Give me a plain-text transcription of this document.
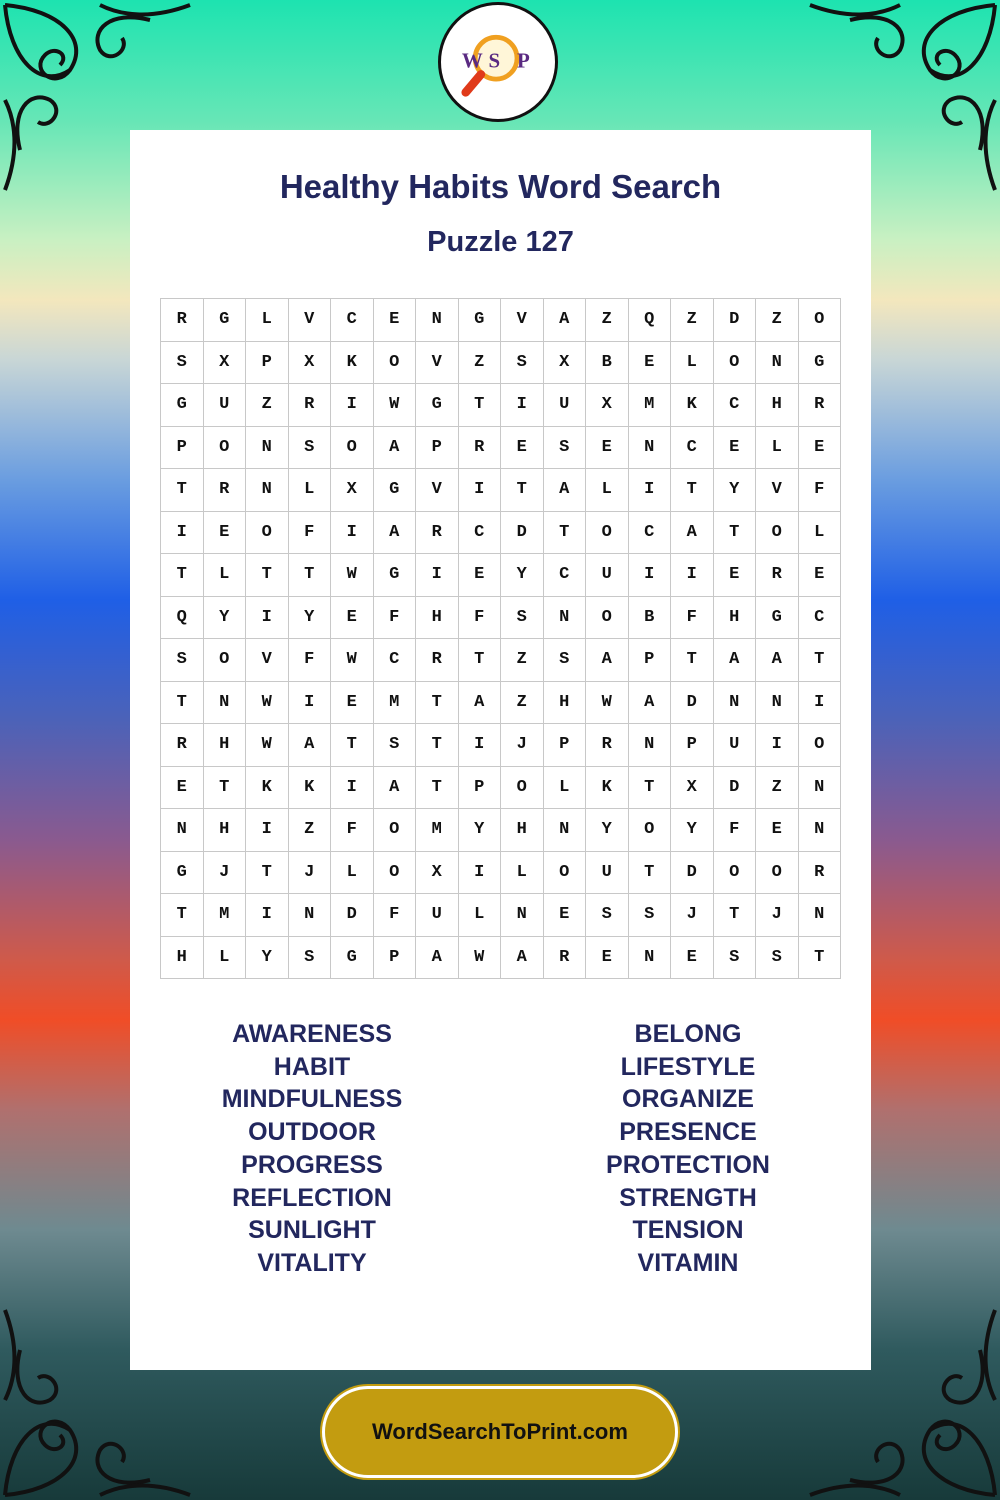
W S P
Healthy Habits Word Search
Puzzle 127
R	G	L	V	C	E	N	G	V	A	Z	Q	Z	D	Z	O
S	X	P	X	K	O	V	Z	S	X	B	E	L	O	N	G
G	U	Z	R	I	W	G	T	I	U	X	M	K	C	H	R
P	O	N	S	O	A	P	R	E	S	E	N	C	E	L	E
T	R	N	L	X	G	V	I	T	A	L	I	T	Y	V	F
I	E	O	F	I	A	R	C	D	T	O	C	A	T	O	L
T	L	T	T	W	G	I	E	Y	C	U	I	I	E	R	E
Q	Y	I	Y	E	F	H	F	S	N	O	B	F	H	G	C
S	O	V	F	W	C	R	T	Z	S	A	P	T	A	A	T
T	N	W	I	E	M	T	A	Z	H	W	A	D	N	N	I
R	H	W	A	T	S	T	I	J	P	R	N	P	U	I	O
E	T	K	K	I	A	T	P	O	L	K	T	X	D	Z	N
N	H	I	Z	F	O	M	Y	H	N	Y	O	Y	F	E	N
G	J	T	J	L	O	X	I	L	O	U	T	D	O	O	R
T	M	I	N	D	F	U	L	N	E	S	S	J	T	J	N
H	L	Y	S	G	P	A	W	A	R	E	N	E	S	S	T
AWARENESS
HABIT
MINDFULNESS
OUTDOOR
PROGRESS
REFLECTION
SUNLIGHT
VITALITY
BELONG
LIFESTYLE
ORGANIZE
PRESENCE
PROTECTION
STRENGTH
TENSION
VITAMIN
WordSearchToPrint.com
